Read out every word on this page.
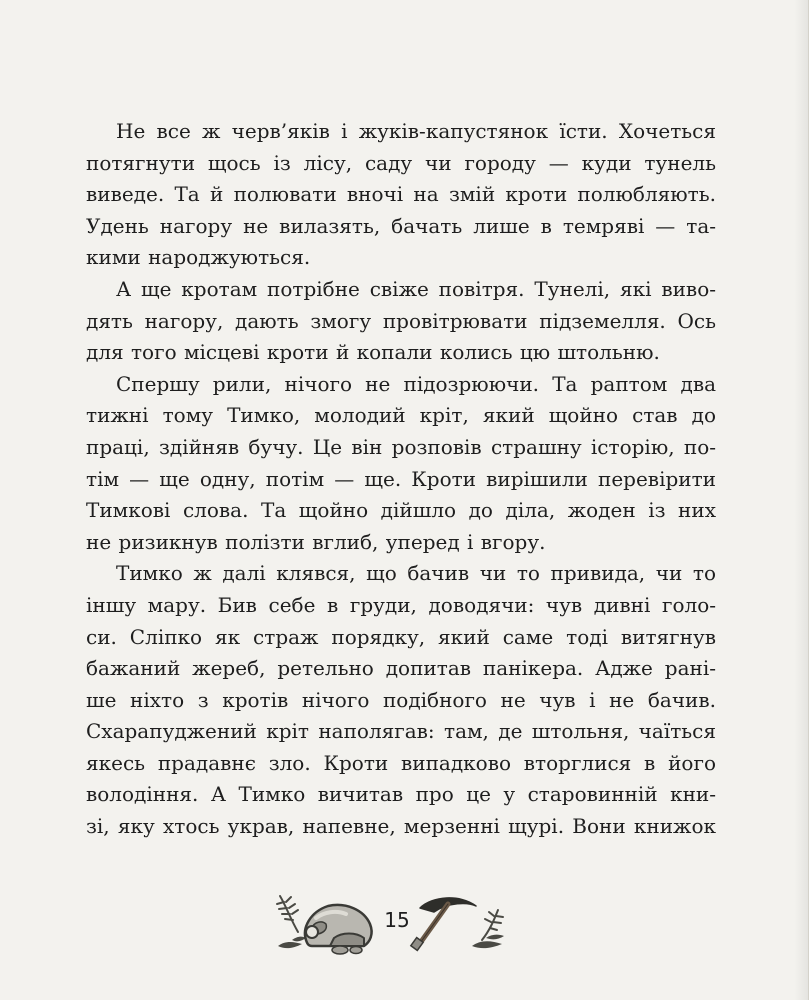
Не все ж черв’яків і жуків-капустянок їсти. Хочеться
потягнути щось із лісу, саду чи городу — куди тунель
виведе. Та й полювати вночі на змій кроти полюбляють.
Удень нагору не вилазять, бачать лише в темряві — та-
кими народжуються.

А ще кротам потрібне свіже повітря. Тунелі, які виво-
дять нагору, дають змогу провітрювати підземелля. Ось
для того місцеві кроти й копали колись цю штольню.

Спершу рили, нічого не підозрюючи. Та раптом два
тижні тому Тимко, молодий кріт, який щойно став до
праці, здійняв бучу. Це він розповів страшну історію, по-
тім — ще одну, потім — ще. Кроти вирішили перевірити
Тимкові слова. Та щойно дійшло до діла, жоден із них
не ризикнув полізти вглиб, уперед і вгору.

Тимко ж далі клявся, що бачив чи то привида, чи то
іншу мару. Бив себе в груди, доводячи: чув дивні голо-
си. Сліпко як страж порядку, який саме тоді витягнув
бажаний жереб, ретельно допитав панікера. Адже рані-
ше ніхто з кротів нічого подібного не чув і не бачив.
Схарапуджений кріт наполягав: там, де штольня, чаїться
якесь прадавнє зло. Кроти випадково вторглися в його
володіння. А Тимко вичитав про це у старовинній кни-
зі, яку хтось украв, напевне, мерзенні щурі. Вони книжок

15
